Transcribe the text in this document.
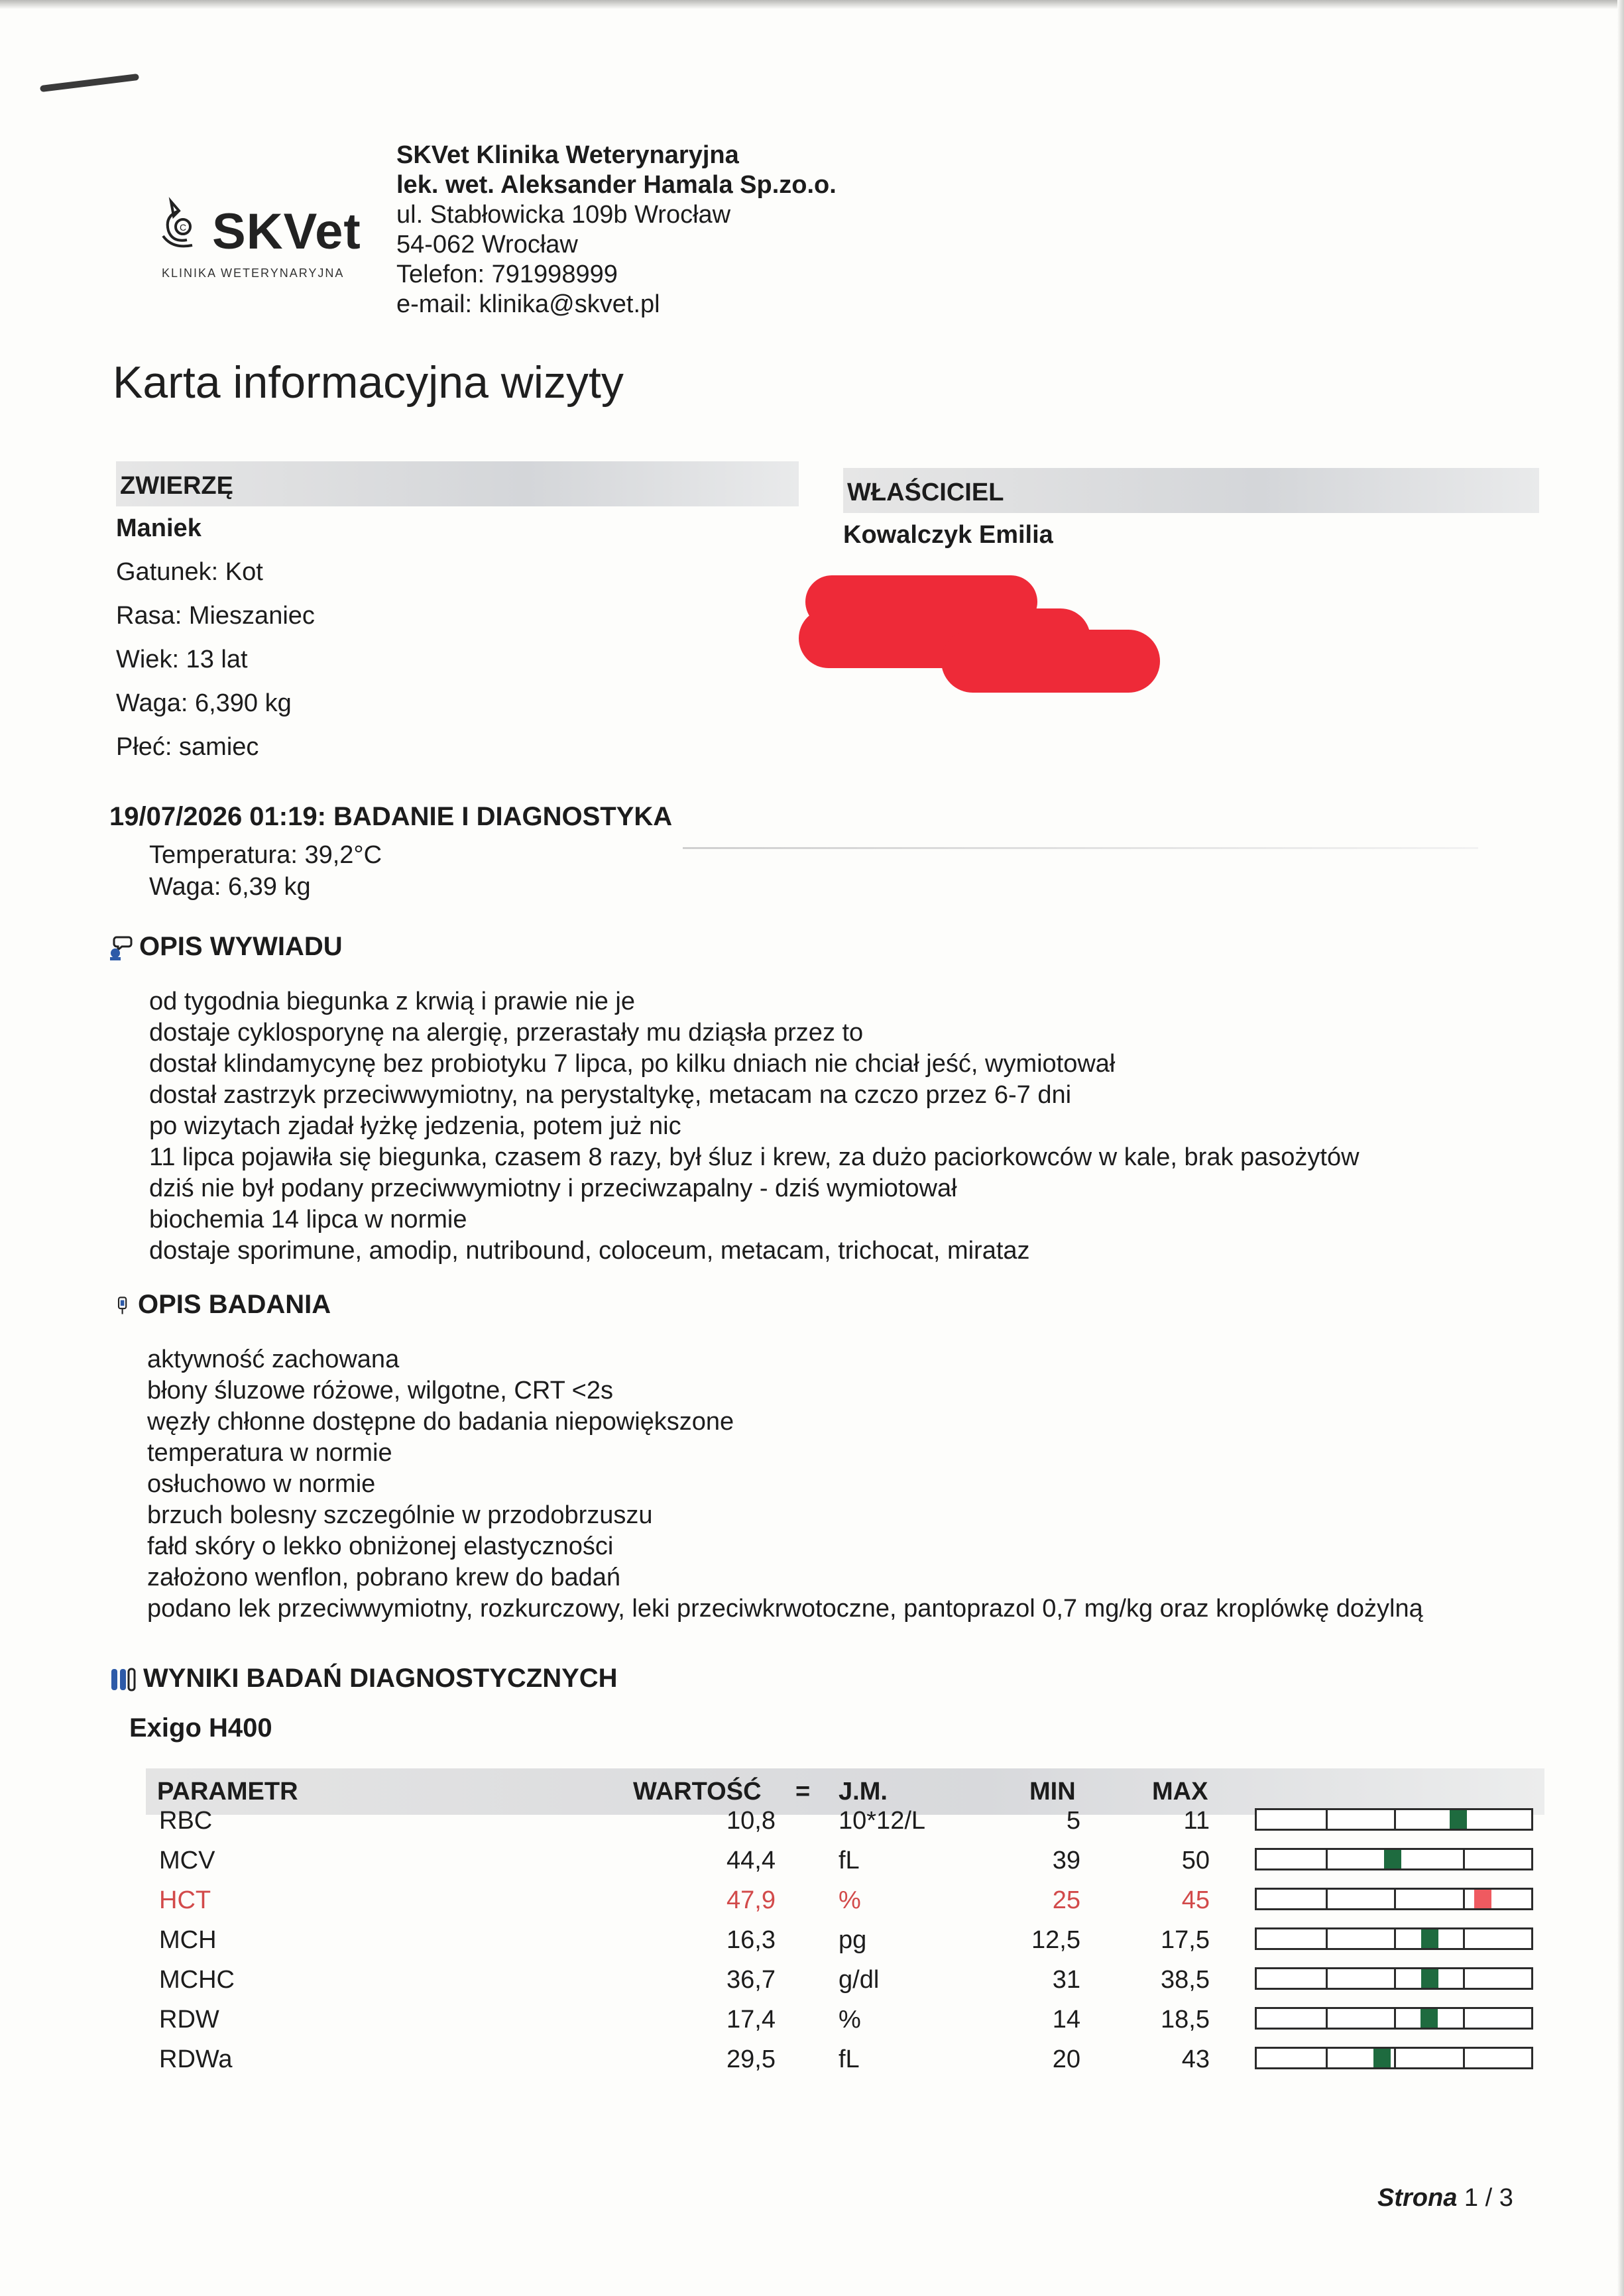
C SKVet
KLINIKA WETERYNARYJNA
SKVet Klinika Weterynaryjna
lek. wet. Aleksander Hamala Sp.zo.o.
ul. Stabłowicka 109b Wrocław
54-062 Wrocław
Telefon: 791998999
e-mail: klinika@skvet.pl
Karta informacyjna wizyty
ZWIERZĘ
Maniek
Gatunek: Kot
Rasa: Mieszaniec
Wiek: 13 lat
Waga: 6,390 kg
Płeć: samiec
WŁAŚCICIEL
Kowalczyk Emilia
19/07/2026 01:19: BADANIE I DIAGNOSTYKA
Temperatura: 39,2°C
Waga: 6,39 kg
OPIS WYWIADU
od tygodnia biegunka z krwią i prawie nie je
dostaje cyklosporynę na alergię, przerastały mu dziąsła przez to
dostał klindamycynę bez probiotyku 7 lipca, po kilku dniach nie chciał jeść, wymiotował
dostał zastrzyk przeciwwymiotny, na perystaltykę, metacam na czczo przez 6-7 dni
po wizytach zjadał łyżkę jedzenia, potem już nic
11 lipca pojawiła się biegunka, czasem 8 razy, był śluz i krew, za dużo paciorkowców w kale, brak pasożytów
dziś nie był podany przeciwwymiotny i przeciwzapalny - dziś wymiotował
biochemia 14 lipca w normie
dostaje sporimune, amodip, nutribound, coloceum, metacam, trichocat, mirataz
OPIS BADANIA
aktywność zachowana
błony śluzowe różowe, wilgotne, CRT <2s
węzły chłonne dostępne do badania niepowiększone
temperatura w normie
osłuchowo w normie
brzuch bolesny szczególnie w przodobrzuszu
fałd skóry o lekko obniżonej elastyczności
założono wenflon, pobrano krew do badań
podano lek przeciwwymiotny, rozkurczowy, leki przeciwkrwotoczne, pantoprazol 0,7 mg/kg oraz kroplówkę dożylną
WYNIKI BADAŃ DIAGNOSTYCZNYCH
Exigo H400
PARAMETR	WARTOŚĆ = J.M.	MIN	MAX
RBC	10,8	10*12/L	5	11
MCV	44,4	fL	39	50
HCT	47,9	%	25	45
MCH	16,3	pg	12,5	17,5
MCHC	36,7	g/dl	31	38,5
RDW	17,4	%	14	18,5
RDWa	29,5	fL	20	43
Strona 1 / 3
